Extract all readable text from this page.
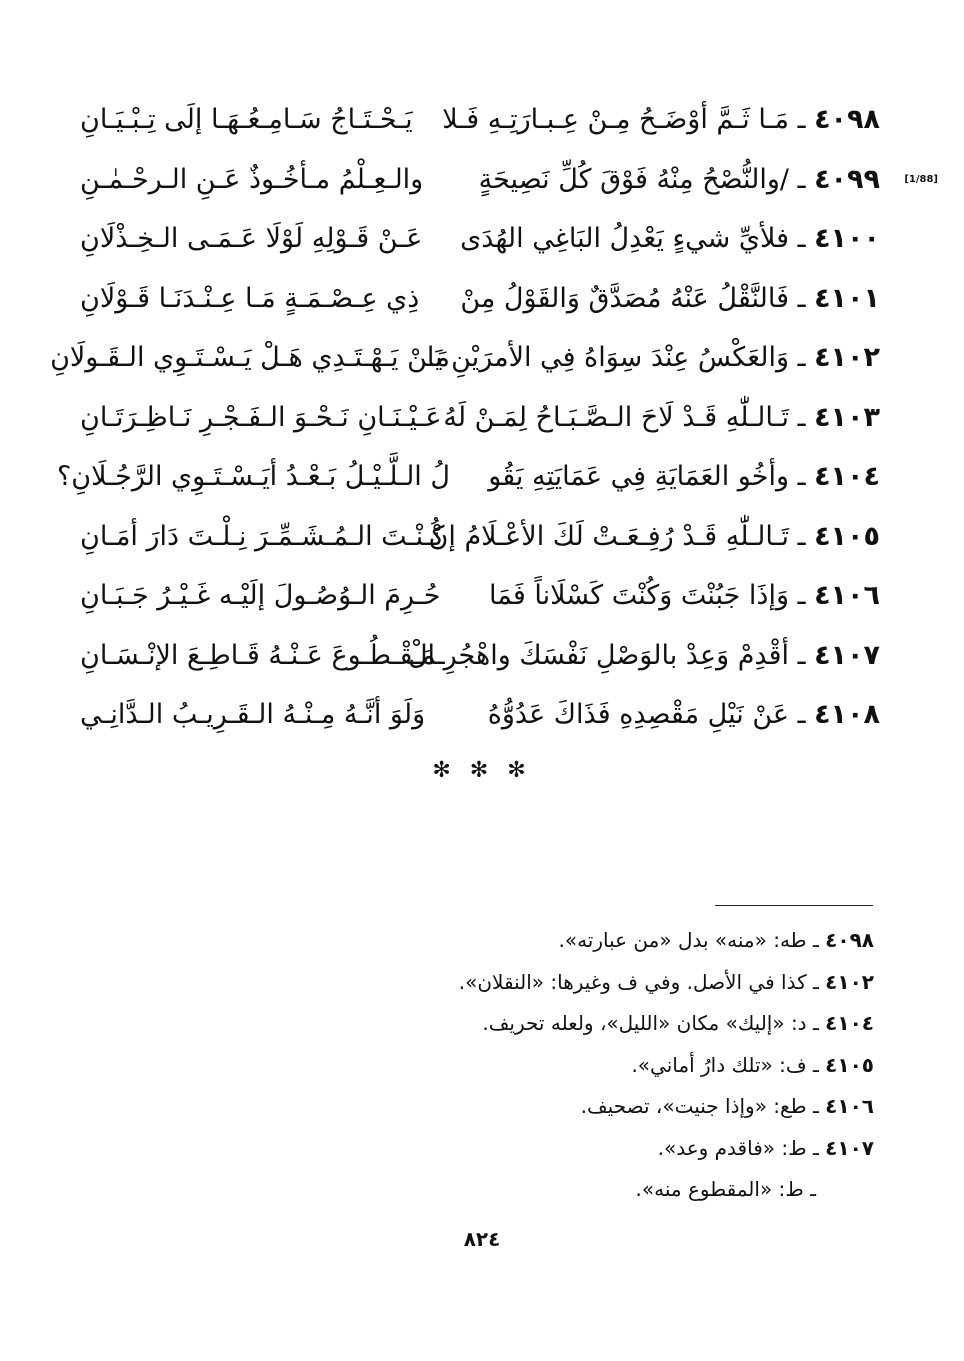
٤٠٩٨ ـ مَـا ثَـمَّ أوْضَـحُ مِـنْ عِـبـارَتِـهِ فَـلا
يَـحْـتَـاجُ سَـامِـعُـهَـا إلَى تِـبْـيَـانِ
[1/88]
٤٠٩٩ ـ /والنُّصْحُ مِنْهُ فَوْقَ كُلِّ نَصِيحَةٍ
والـعِـلْمُ مـأخُـوذٌ عَـنِ الـرحْـمٰـنِ
٤١٠٠ ـ فلأيِّ شيءٍ يَعْدِلُ البَاغِي الهُدَى
عَـنْ قَـوْلِهِ لَوْلَا عَـمَـى الـخِـذْلَانِ
٤١٠١ ـ فَالنَّقْلُ عَنْهُ مُصَدَّقٌ وَالقَوْلُ مِنْ
ذِي عِـصْـمَـةٍ مَـا عِـنْـدَنَـا قَـوْلَانِ
٤١٠٢ ـ وَالعَكْسُ عِنْدَ سِوَاهُ فِي الأمرَيْنِ يَا
مَـنْ يَـهْـتَـدِي هَـلْ يَـسْـتَـوِي الـقَـولَانِ
٤١٠٣ ـ تَـالـلّٰهِ قَـدْ لَاحَ الـصَّـبَـاحُ لِمَـنْ لَهُ
عَـيْـنَـانِ نَـحْـوَ الـفَـجْـرِ نَـاظِـرَتَـانِ
٤١٠٤ ـ وأخُو العَمَايَةِ فِي عَمَايَتِهِ يَقُو
لُ الـلَّـيْـلُ بَـعْـدُ أيَـسْـتَـوِي الرَّجُـلَانِ؟
٤١٠٥ ـ تَـالـلّٰهِ قَـدْ رُفِـعَـتْ لَكَ الأعْـلَامُ إنْ
كُـنْـتَ الـمُـشَـمِّـرَ نِـلْـتَ دَارَ أمَـانِ
٤١٠٦ ـ وَإذَا جَبُنْتَ وَكُنْتَ كَسْلَاناً فَمَا
حُـرِمَ الـوُصُـولَ إلَيْـه غَـيْـرُ جَـبَـانِ
٤١٠٧ ـ أقْدِمْ وَعِدْ بالوَصْلِ نَفْسَكَ واهْجُرِ الْ
ـمَـقْـطُـوعَ عَـنْـهُ قَـاطِـعَ الإنْـسَـانِ
٤١٠٨ ـ عَنْ نَيْلِ مَقْصِدِهِ فَذَاكَ عَدُوُّهُ
وَلَوَ أنَّـهُ مِـنْـهُ الـقَـرِيـبُ الـدَّانِـي
✻ ✻ ✻
٤٠٩٨ ـ طه: «منه» بدل «من عبارته».
٤١٠٢ ـ كذا في الأصل. وفي ف وغيرها: «النقلان».
٤١٠٤ ـ د: «إليك» مكان «الليل»، ولعله تحريف.
٤١٠٥ ـ ف: «تلك دارُ أماني».
٤١٠٦ ـ طع: «وإذا جنيت»، تصحيف.
٤١٠٧ ـ ط: «فاقدم وعد».
ـ ط: «المقطوع منه».
٨٢٤
